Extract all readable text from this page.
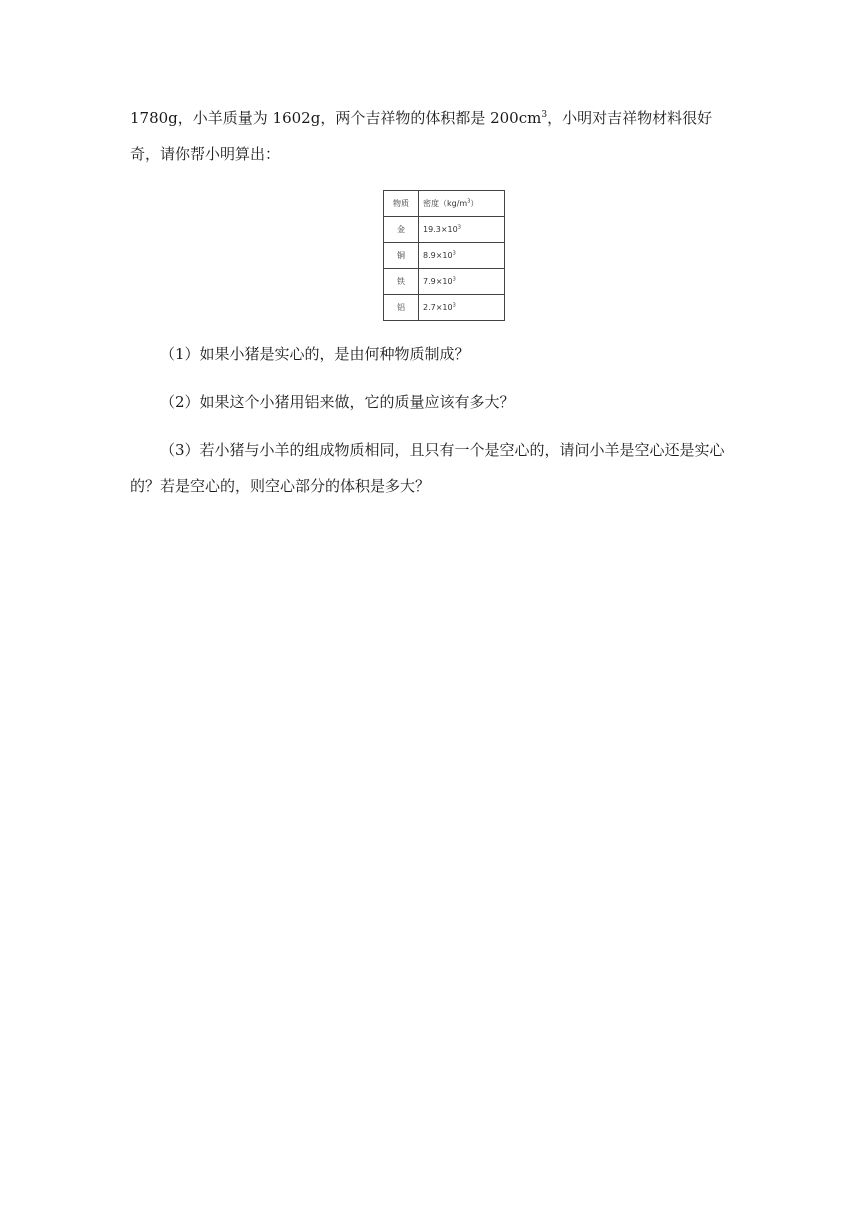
1780g，小羊质量为 1602g，两个吉祥物的体积都是 $200cm^3$，小明对吉祥物材料很好奇，请你帮小明算出：

物质	密度$(kg/m^3)$
金	$19.3\times 10^3$
铜	$8.9\times 10^3$
铁	$7.9\times 10^3$
铝	$2.7\times 10^3$

（1）如果小猪是实心的，是由何种物质制成？

（2）如果这个小猪用铝来做，它的质量应该有多大？

（3）若小猪与小羊的组成物质相同，且只有一个是空心的，请问小羊是空心还是实心的？若是空心的，则空心部分的体积是多大？
